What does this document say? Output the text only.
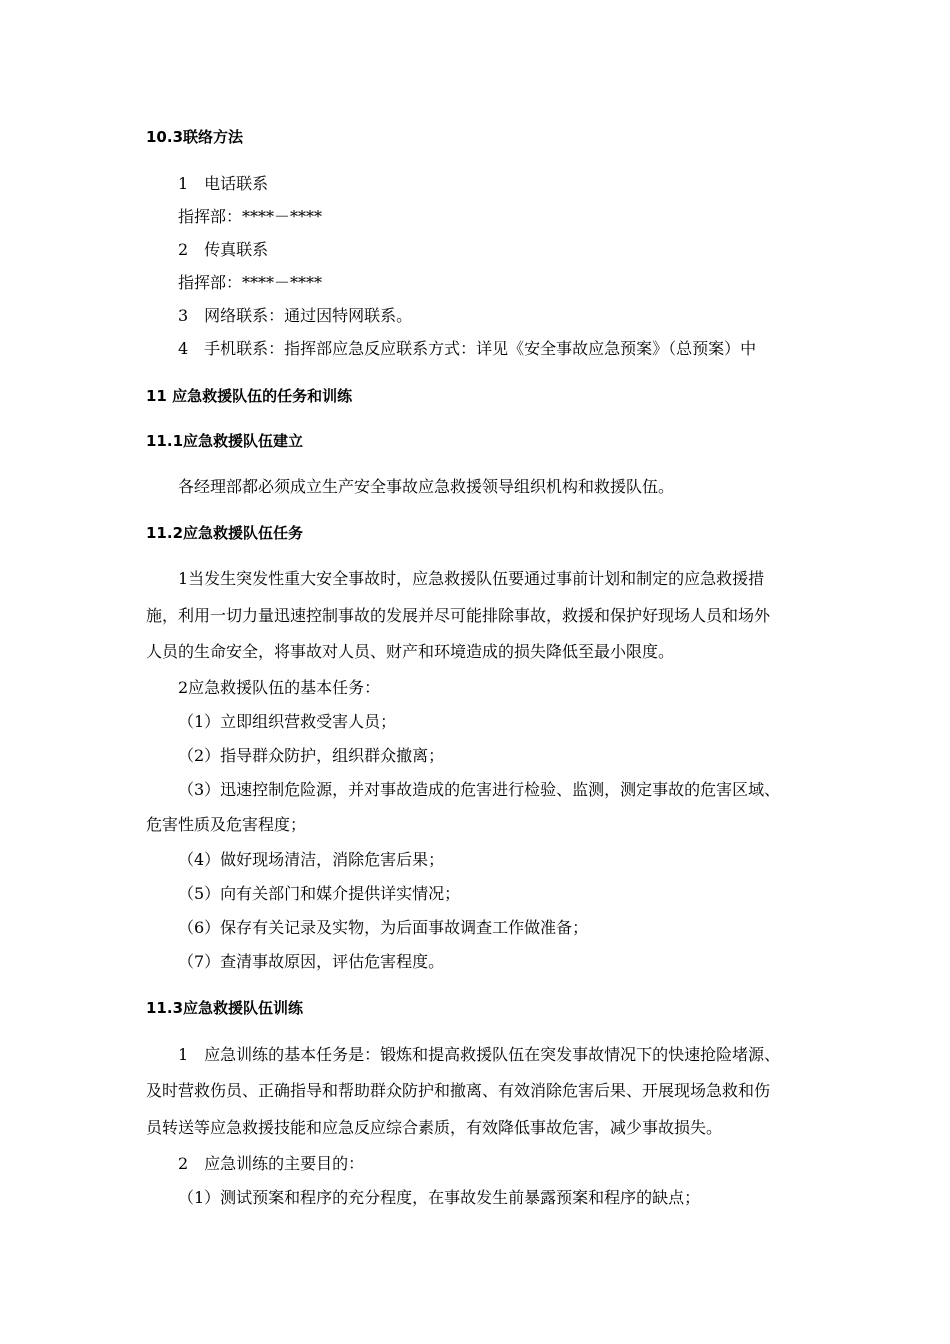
10.3联络方法
1　电话联系
指挥部：****－****
2　传真联系
指挥部：****－****
3　网络联系：通过因特网联系。
4　手机联系：指挥部应急反应联系方式：详见《安全事故应急预案》（总预案）中
11 应急救援队伍的任务和训练
11.1应急救援队伍建立
各经理部都必须成立生产安全事故应急救援领导组织机构和救援队伍。
11.2应急救援队伍任务
1当发生突发性重大安全事故时，应急救援队伍要通过事前计划和制定的应急救援措
施，利用一切力量迅速控制事故的发展并尽可能排除事故，救援和保护好现场人员和场外
人员的生命安全，将事故对人员、财产和环境造成的损失降低至最小限度。
2应急救援队伍的基本任务：
（1）立即组织营救受害人员；
（2）指导群众防护，组织群众撤离；
（3）迅速控制危险源，并对事故造成的危害进行检验、监测，测定事故的危害区域、
危害性质及危害程度；
（4）做好现场清洁，消除危害后果；
（5）向有关部门和媒介提供详实情况；
（6）保存有关记录及实物，为后面事故调查工作做准备；
（7）查清事故原因，评估危害程度。
11.3应急救援队伍训练
1　应急训练的基本任务是：锻炼和提高救援队伍在突发事故情况下的快速抢险堵源、
及时营救伤员、正确指导和帮助群众防护和撤离、有效消除危害后果、开展现场急救和伤
员转送等应急救援技能和应急反应综合素质，有效降低事故危害，减少事故损失。
2　应急训练的主要目的：
（1）测试预案和程序的充分程度，在事故发生前暴露预案和程序的缺点；
